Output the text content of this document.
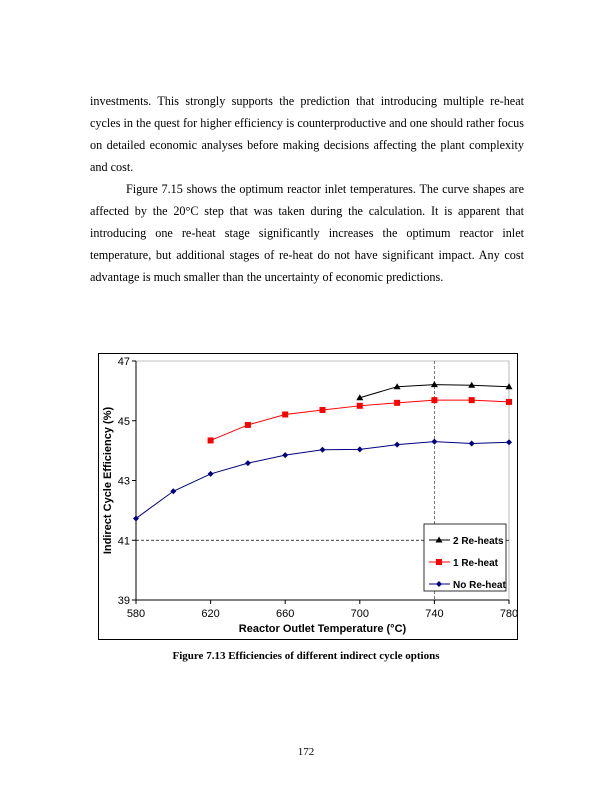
investments. This strongly supports the prediction that introducing multiple re-heat cycles in the quest for higher efficiency is counterproductive and one should rather focus on detailed economic analyses before making decisions affecting the plant complexity and cost.

Figure 7.15 shows the optimum reactor inlet temperatures. The curve shapes are affected by the 20°C step that was taken during the calculation. It is apparent that introducing one re-heat stage significantly increases the optimum reactor inlet temperature, but additional stages of re-heat do not have significant impact. Any cost advantage is much smaller than the uncertainty of economic predictions.

39
41
43
45
47
580	620	660	700	740	780
Reactor Outlet Temperature (°C)
Indirect Cycle Efficiency (%)	2 Re-heats
1 Re-heat
No Re-heat
Figure 7.13 Efficiencies of different indirect cycle options
172
